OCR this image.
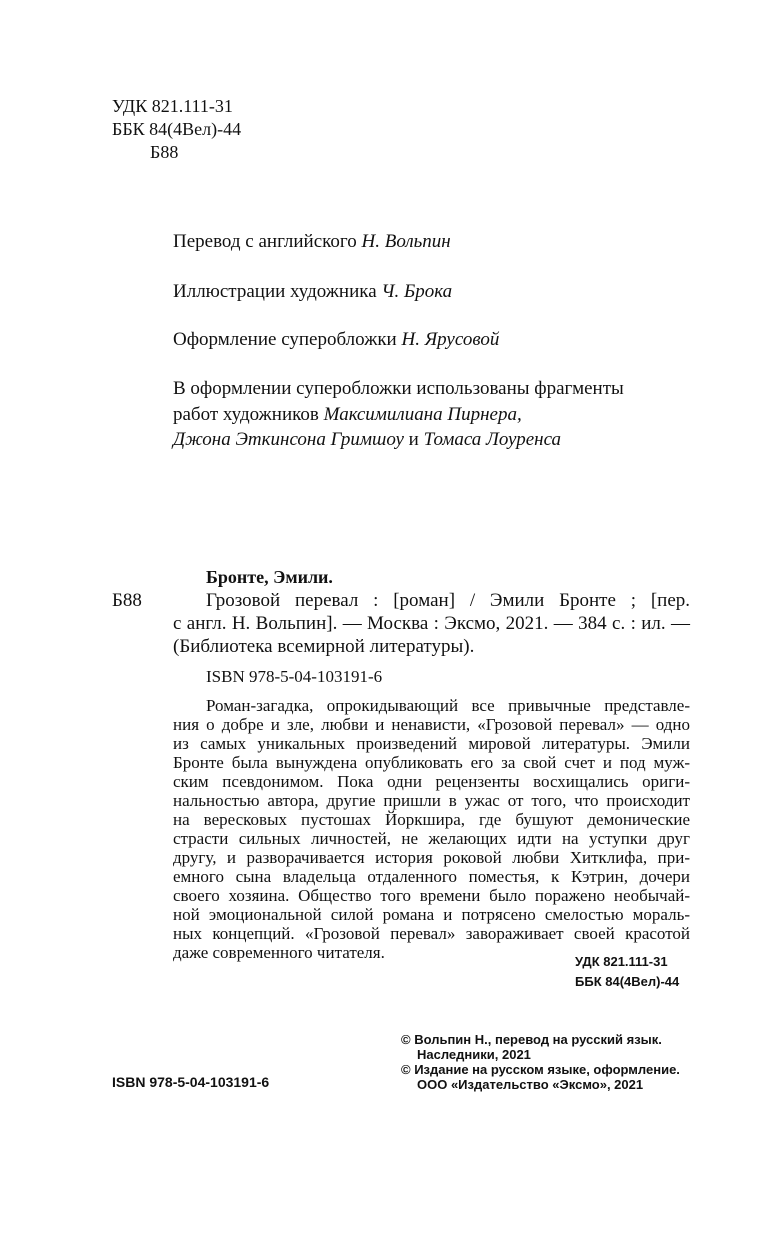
УДК 821.111-31
ББК 84(4Вел)-44
Б88
Перевод с английского Н. Вольпин
Иллюстрации художника Ч. Брока
Оформление суперобложки Н. Ярусовой
В оформлении суперобложки использованы фрагменты
работ художников Максимилиана Пирнера,
Джона Эткинсона Гримшоу и Томаса Лоуренса
Бронте, Эмили.
Б88	Грозовой перевал : [роман] / Эмили Бронте ; [пер.
с англ. Н. Вольпин]. — Москва : Эксмо, 2021. — 384 с. : ил. —
(Библиотека всемирной литературы).
ISBN 978-5-04-103191-6
Роман-загадка, опрокидывающий все привычные представле-
ния о добре и зле, любви и ненависти, «Грозовой перевал» — одно
из самых уникальных произведений мировой литературы. Эмили
Бронте была вынуждена опубликовать его за свой счет и под муж-
ским псевдонимом. Пока одни рецензенты восхищались ориги-
нальностью автора, другие пришли в ужас от того, что происходит
на вересковых пустошах Йоркшира, где бушуют демонические
страсти сильных личностей, не желающих идти на уступки друг
другу, и разворачивается история роковой любви Хитклифа, при-
емного сына владельца отдаленного поместья, к Кэтрин, дочери
своего хозяина. Общество того времени было поражено необычай-
ной эмоциональной силой романа и потрясено смелостью мораль-
ных концепций. «Грозовой перевал» завораживает своей красотой
даже современного читателя.	УДК 821.111-31
ББК 84(4Вел)-44
© Вольпин Н., перевод на русский язык.
Наследники, 2021
© Издание на русском языке, оформление.
ООО «Издательство «Эксмо», 2021
ISBN 978-5-04-103191-6
